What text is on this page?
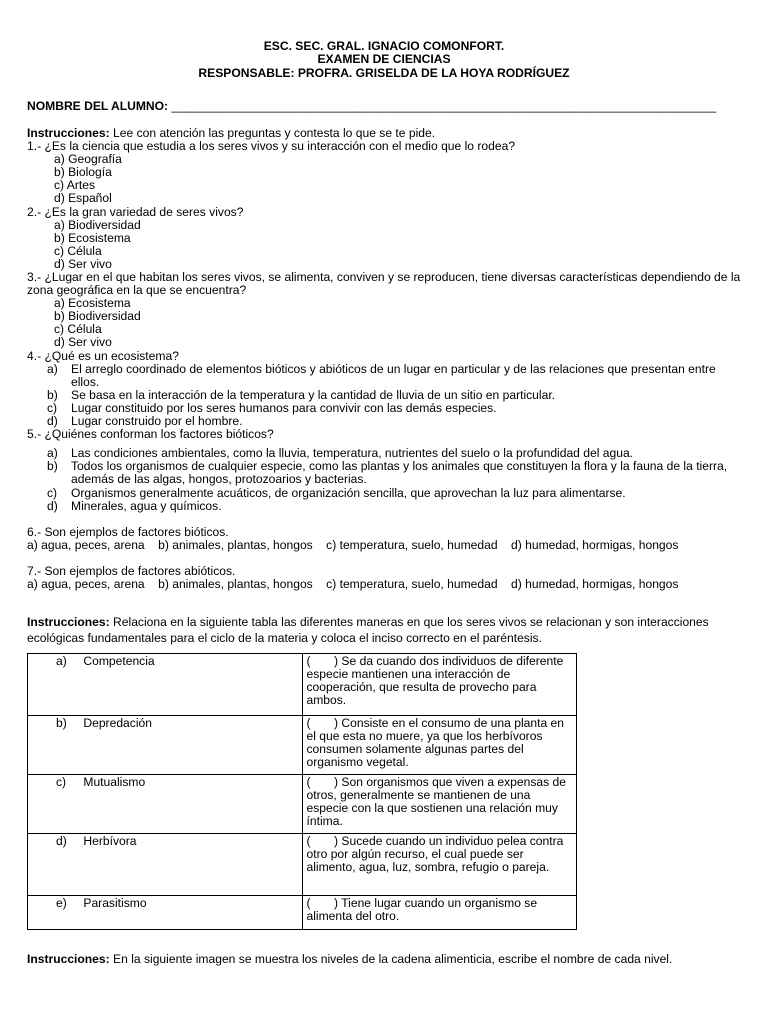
ESC. SEC. GRAL. IGNACIO COMONFORT.
EXAMEN DE CIENCIAS
RESPONSABLE: PROFRA. GRISELDA DE LA HOYA RODRÍGUEZ
NOMBRE DEL ALUMNO: _________________________________________________________________________________
Instrucciones: Lee con atención las preguntas y contesta lo que se te pide.
1.- ¿Es la ciencia que estudia a los seres vivos y su interacción con el medio que lo rodea?
a) Geografía
b) Biología
c) Artes
d) Español
2.- ¿Es la gran variedad de seres vivos?
a) Biodiversidad
b) Ecosistema
c) Célula
d) Ser vivo
3.- ¿Lugar en el que habitan los seres vivos, se alimenta, conviven y se reproducen, tiene diversas características dependiendo de la zona geográfica en la que se encuentra?
a) Ecosistema
b) Biodiversidad
c) Célula
d) Ser vivo
4.- ¿Qué es un ecosistema?
a)	El arreglo coordinado de elementos bióticos y abióticos de un lugar en particular y de las relaciones que presentan entre ellos.
b)	Se basa en la interacción de la temperatura y la cantidad de lluvia de un sitio en particular.
c)	Lugar constituido por los seres humanos para convivir con las demás especies.
d)	Lugar construido por el hombre.
5.- ¿Quiénes conforman los factores bióticos?
a)	Las condiciones ambientales, como la lluvia, temperatura, nutrientes del suelo o la profundidad del agua.
b)	Todos los organismos de cualquier especie, como las plantas y los animales que constituyen la flora y la fauna de la tierra, además de las algas, hongos, protozoarios y bacterias.
c)	Organismos generalmente acuáticos, de organización sencilla, que aprovechan la luz para alimentarse.
d)	Minerales, agua y químicos.
6.- Son ejemplos de factores bióticos.
a) agua, peces, arena    b) animales, plantas, hongos    c) temperatura, suelo, humedad    d) humedad, hormigas, hongos
7.- Son ejemplos de factores abióticos.
a) agua, peces, arena    b) animales, plantas, hongos    c) temperatura, suelo, humedad    d) humedad, hormigas, hongos
Instrucciones: Relaciona en la siguiente tabla las diferentes maneras en que los seres vivos se relacionan y son interacciones ecológicas fundamentales para el ciclo de la materia y coloca el inciso correcto en el paréntesis.
a) Competencia	(       ) Se da cuando dos individuos de diferente especie mantienen una interacción de cooperación, que resulta de provecho para ambos.
b) Depredación	(       ) Consiste en el consumo de una planta en el que esta no muere, ya que los herbívoros consumen solamente algunas partes del organismo vegetal.
c) Mutualismo	(       ) Son organismos que viven a expensas de otros, generalmente se mantienen de una especie con la que sostienen una relación muy íntima.
d) Herbívora	(       ) Sucede cuando un individuo pelea contra otro por algún recurso, el cual puede ser alimento, agua, luz, sombra, refugio o pareja.
e) Parasitismo	(       ) Tiene lugar cuando un organismo se alimenta del otro.
Instrucciones: En la siguiente imagen se muestra los niveles de la cadena alimenticia, escribe el nombre de cada nivel.
